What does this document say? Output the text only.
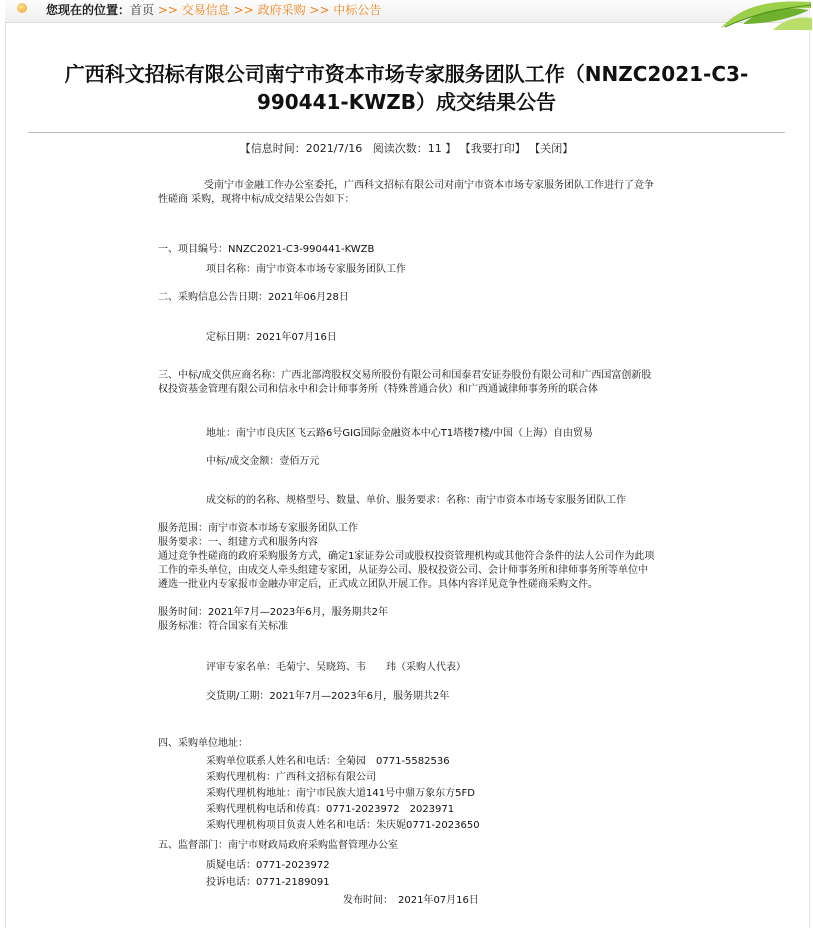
您现在的位置：首页 >> 交易信息 >> 政府采购 >> 中标公告
广西科文招标有限公司南宁市资本市场专家服务团队工作（NNZC2021-C3-990441-KWZB）成交结果公告
【信息时间：2021/7/16 阅读次数：11 】 【我要打印】 【关闭】
受南宁市金融工作办公室委托，广西科文招标有限公司对南宁市资本市场专家服务团队工作进行了竞争性磋商 采购，现将中标/成交结果公告如下：
一、项目编号：NNZC2021-C3-990441-KWZB
项目名称：南宁市资本市场专家服务团队工作
二、采购信息公告日期：2021年06月28日
定标日期：2021年07月16日
三、中标/成交供应商名称：广西北部湾股权交易所股份有限公司和国泰君安证券股份有限公司和广西国富创新股权投资基金管理有限公司和信永中和会计师事务所（特殊普通合伙）和广西通诚律师事务所的联合体
地址：南宁市良庆区飞云路6号GIG国际金融资本中心T1塔楼7楼/中国（上海）自由贸易
中标/成交金额：壹佰万元
成交标的的名称、规格型号、数量、单价、服务要求：名称：南宁市资本市场专家服务团队工作
服务范围：南宁市资本市场专家服务团队工作
服务要求：一、组建方式和服务内容
通过竞争性磋商的政府采购服务方式，确定1家证券公司或股权投资管理机构或其他符合条件的法人公司作为此项工作的牵头单位，由成交人牵头组建专家团，从证券公司、股权投资公司、会计师事务所和律师事务所等单位中遴选一批业内专家报市金融办审定后，正式成立团队开展工作。具体内容详见竞争性磋商采购文件。
服务时间：2021年7月—2023年6月，服务期共2年
服务标准：符合国家有关标准
评审专家名单：毛菊宁、吴晓筠、韦　　玮（采购人代表）
交货期/工期：2021年7月—2023年6月，服务期共2年
四、采购单位地址：
采购单位联系人姓名和电话：全菊园　0771-5582536
采购代理机构：广西科文招标有限公司
采购代理机构地址：南宁市民族大道141号中鼎万象东方5FD
采购代理机构电话和传真：0771-2023972　2023971
采购代理机构项目负责人姓名和电话：朱庆妮0771-2023650
五、监督部门：南宁市财政局政府采购监督管理办公室
质疑电话：0771-2023972
投诉电话：0771-2189091
发布时间：　2021年07月16日
